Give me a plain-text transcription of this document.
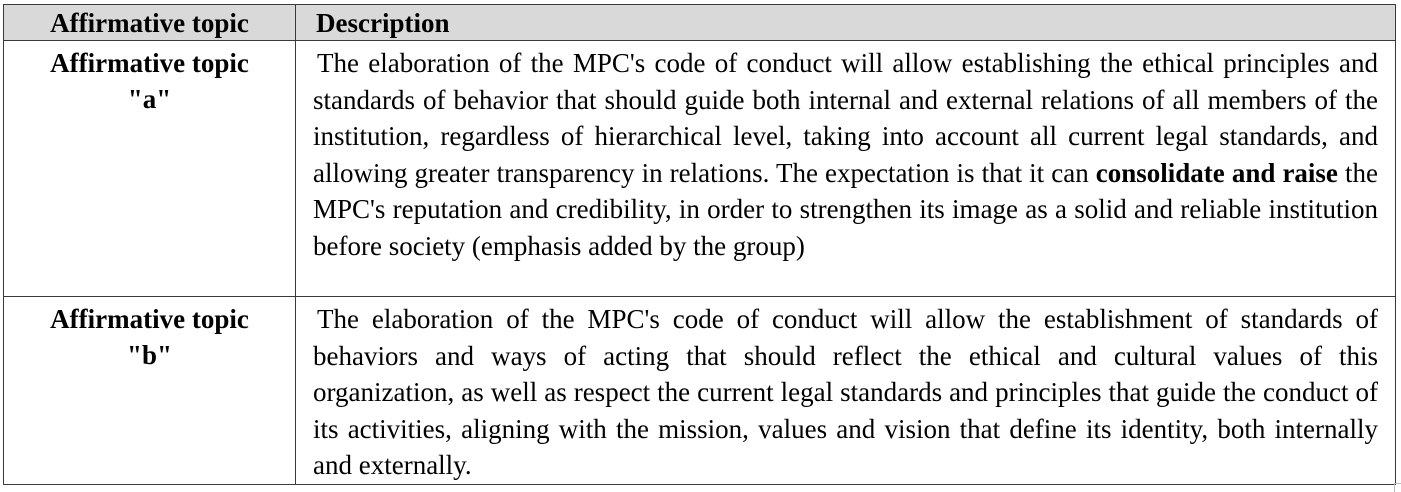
Affirmative topic	Description

Affirmative topic
"a"	The elaboration of the MPC's code of conduct will allow establishing the ethical principles and standards of behavior that should guide both internal and external relations of all members of the institution, regardless of hierarchical level, taking into account all current legal standards, and allowing greater transparency in relations. The expectation is that it can consolidate and raise the MPC's reputation and credibility, in order to strengthen its image as a solid and reliable institution before society (emphasis added by the group)

Affirmative topic
"b"	The elaboration of the MPC's code of conduct will allow the establishment of standards of behaviors and ways of acting that should reflect the ethical and cultural values of this organization, as well as respect the current legal standards and principles that guide the conduct of its activities, aligning with the mission, values and vision that define its identity, both internally and externally.
